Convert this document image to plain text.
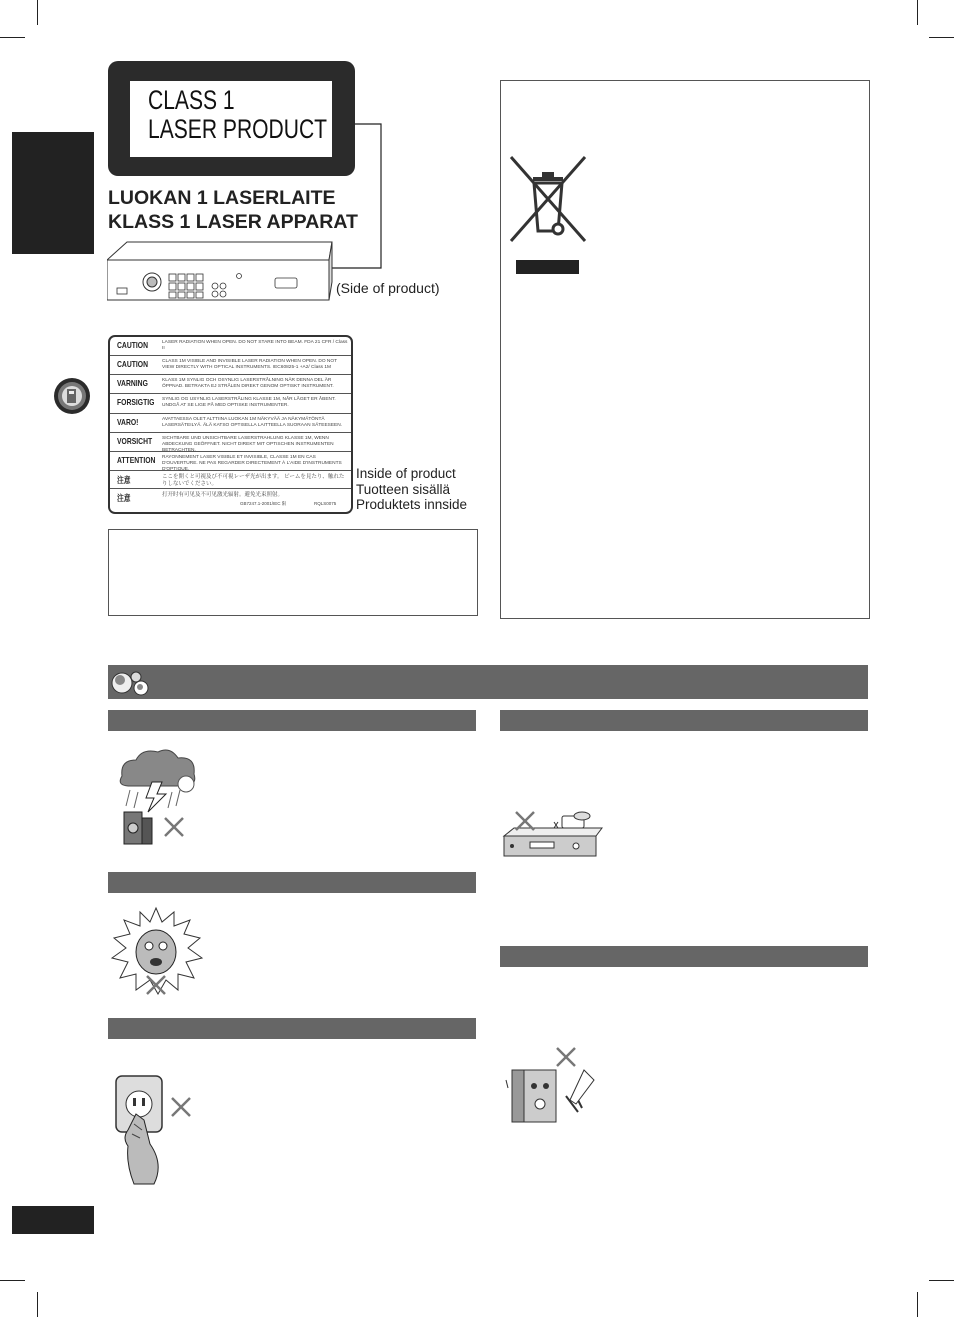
CLASS 1
LASER PRODUCT
LUOKAN 1 LASERLAITE
KLASS 1 LASER APPARAT
(Side of product)
CAUTION	LASER RADIATION WHEN OPEN. DO NOT STARE INTO BEAM. FDA 21 CFR / Class II
CAUTION	CLASS 1M VISIBLE AND INVISIBLE LASER RADIATION WHEN OPEN. DO NOT VIEW DIRECTLY WITH OPTICAL INSTRUMENTS. IEC60825-1 +A2/ Class 1M
VARNING	KLASS 1M SYNLIG OCH OSYNLIG LASERSTRÅLNING NÄR DENNA DEL ÄR ÖPPNAD. BETRAKTA EJ STRÅLEN DIREKT GENOM OPTISKT INSTRUMENT.
FORSIGTIG SYNLIG OG USYNLIG LASERSTRÅLING KLASSE 1M, NÅR LÅGET ER ÅBENT. UNDGÅ AT SE LIGE PÅ MED OPTISKE INSTRUMENTER.
VARO!	AVATTAESSA OLET ALTTIINA LUOKAN 1M NÄKYVÄÄ JA NÄKYMÄTÖNTÄ LASERSÄTEILYÄ. ÄLÄ KATSO OPTISELLA LAITTEELLA SUORAAN SÄTEESEEN.
VORSICHT SICHTBARE UND UNSICHTBARE LASERSTRAHLUNG KLASSE 1M, WENN ABDECKUNG GEÖFFNET. NICHT DIREKT MIT OPTISCHEN INSTRUMENTEN BETRACHTEN.
ATTENTION RAYONNEMENT LASER VISIBLE ET INVISIBLE, CLASSE 1M EN CAS D'OUVERTURE. NE PAS REGARDER DIRECTEMENT À L'AIDE D'INSTRUMENTS D'OPTIQUE.
注意	ここを開くと可視及び不可視レーザ光が出ます。 ビームを見たり、触れたりしないでください。
注意	打开时有可见及不可见激光辐射。避免光束照射。
GB7247.1-2001/IEC 限	RQLS0075
Inside of product
Tuotteen sisällä
Produktets innside
